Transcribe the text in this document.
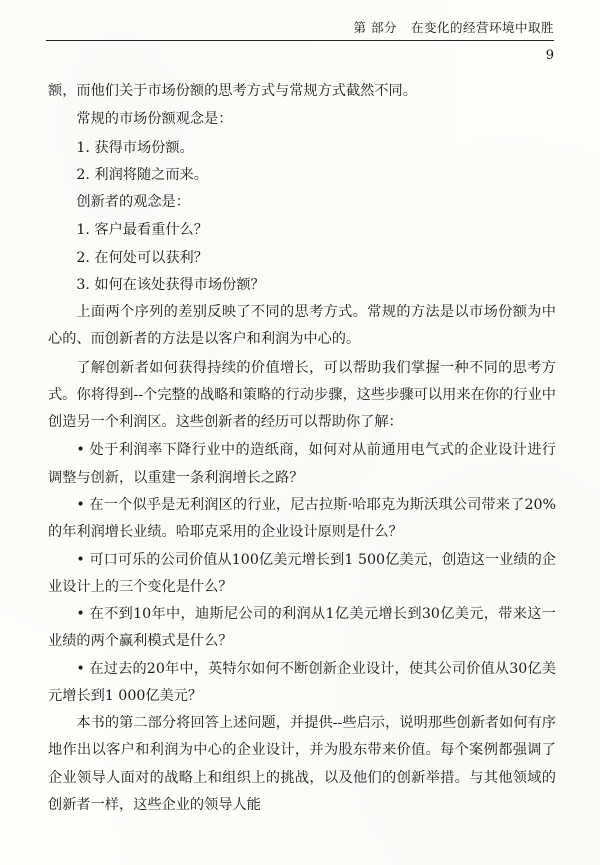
第 部分 在变化的经营环境中取胜
9

额，而他们关于市场份额的思考方式与常规方式截然不同。

常规的市场份额观念是：

1. 获得市场份额。

2. 利润将随之而来。

创新者的观念是：

1. 客户最看重什么？

2. 在何处可以获利？

3. 如何在该处获得市场份额？

上面两个序列的差别反映了不同的思考方式。常规的方法是以市场份额为中心的、而创新者的方法是以客户和利润为中心的。

了解创新者如何获得持续的价值增长，可以帮助我们掌握一种不同的思考方式。你将得到--个完整的战略和策略的行动步骤，这些步骤可以用来在你的行业中创造另一个利润区。这些创新者的经历可以帮助你了解：

• 处于利润率下降行业中的造纸商，如何对从前通用电气式的企业设计进行调整与创新，以重建一条利润增长之路？

• 在一个似乎是无利润区的行业，尼古拉斯·哈耶克为斯沃琪公司带来了20%的年利润增长业绩。哈耶克采用的企业设计原则是什么？

• 可口可乐的公司价值从100亿美元增长到1 500亿美元，创造这一业绩的企业设计上的三个变化是什么？

• 在不到10年中，迪斯尼公司的利润从1亿美元增长到30亿美元，带来这一业绩的两个赢利模式是什么？

• 在过去的20年中，英特尔如何不断创新企业设计，使其公司价值从30亿美元增长到1 000亿美元？

本书的第二部分将回答上述问题，并提供--些启示，说明那些创新者如何有序地作出以客户和利润为中心的企业设计，并为股东带来价值。每个案例都强调了企业领导人面对的战略上和组织上的挑战，以及他们的创新举措。与其他领域的创新者一样，这些企业的领导人能
